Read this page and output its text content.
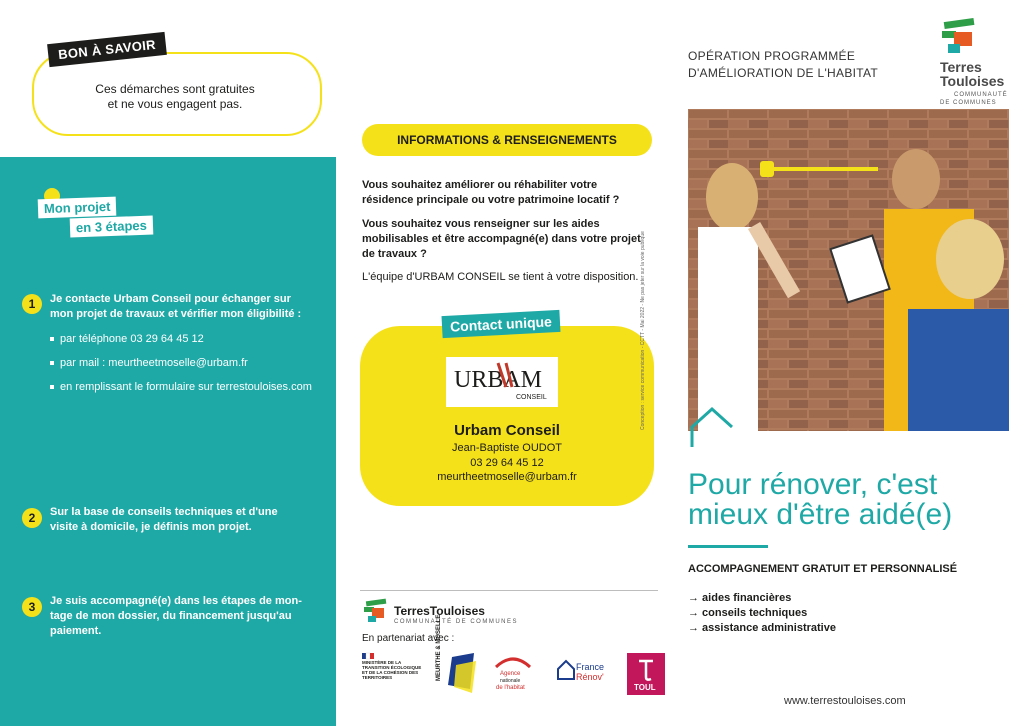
BON À SAVOIR
Ces démarches sont gratuites
et ne vous engagent pas.
Mon projet
en 3 étapes
1	Je contacte Urbam Conseil pour échanger sur
mon projet de travaux et vérifier mon éligibilité :
par téléphone 03 29 64 45 12
par mail : meurtheetmoselle@urbam.fr
en remplissant le formulaire sur terrestouloises.com
2	Sur la base de conseils techniques et d'une
visite à domicile, je définis mon projet.
3	Je suis accompagné(e) dans les étapes de mon-
tage de mon dossier, du financement jusqu'au
paiement.
INFORMATIONS & RENSEIGNEMENTS
Vous souhaitez améliorer ou réhabiliter votre
résidence principale ou votre patrimoine locatif ?
Vous souhaitez vous renseigner sur les aides
mobilisables et être accompagné(e) dans votre projet
de travaux ?
L'équipe d'URBAM CONSEIL se tient à votre disposition.
Contact unique
URBAM
CONSEIL
Urbam Conseil
Jean-Baptiste OUDOT
03 29 64 45 12
meurtheetmoselle@urbam.fr
Conception : service communication - CCTT - Mai 2022 - Ne pas jeter sur la voie publique
TerresTouloises
COMMUNAUTÉ DE COMMUNES
En partenariat avec :
MINISTÈRE DE LA TRANSITION ÉCOLOGIQUE ET DE LA COHÉSION DES TERRITOIRES	MEURTHE & MOSELLE	Agence
nationale
de l'habitat
France
Rénov'
TOUL
OPÉRATION PROGRAMMÉE
D'AMÉLIORATION DE L'HABITAT	Terres
Touloises
COMMUNAUTÉ
DE COMMUNES
Pour rénover, c'est
mieux d'être aidé(e)
ACCOMPAGNEMENT GRATUIT ET PERSONNALISÉ
→ aides financières
→ conseils techniques
→ assistance administrative
www.terrestouloises.com
